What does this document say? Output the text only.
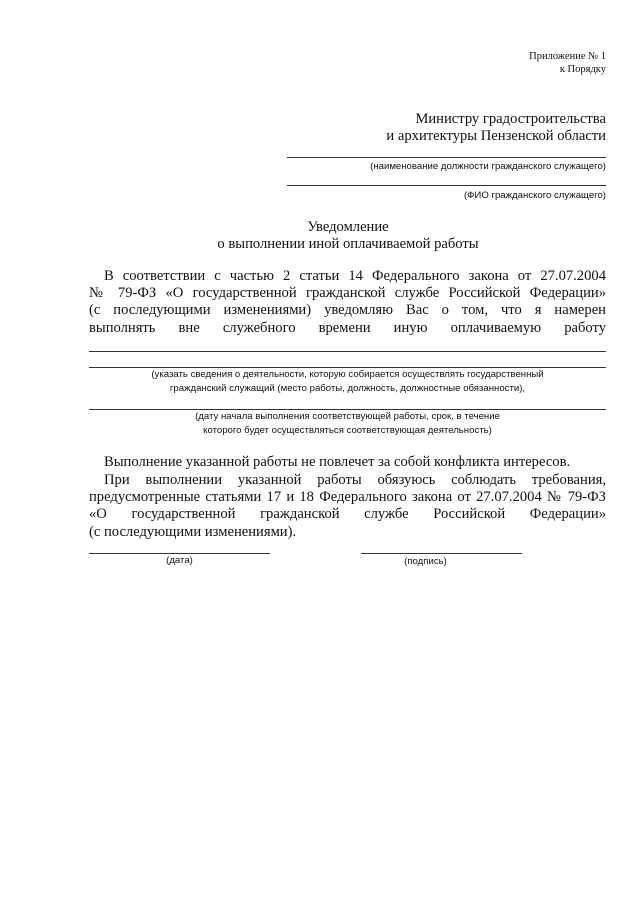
Приложение № 1
к Порядку
Министру градостроительства
и архитектуры Пензенской области
(наименование должности гражданского служащего)
(ФИО гражданского служащего)
Уведомление
о выполнении иной оплачиваемой работы
В соответствии с частью 2 статьи 14 Федерального закона от 27.07.2004
№ 79-ФЗ «О государственной гражданской службе Российской Федерации»
(с последующими изменениями) уведомляю Вас о том, что я намерен
выполнять вне служебного времени иную оплачиваемую работу
(указать сведения о деятельности, которую собирается осуществлять государственный
гражданский служащий (место работы, должность, должностные обязанности),
(дату начала выполнения соответствующей работы, срок, в течение
которого будет осуществляться соответствующая деятельность)
Выполнение указанной работы не повлечет за собой конфликта интересов.
При выполнении указанной работы обязуюсь соблюдать требования,
предусмотренные статьями 17 и 18 Федерального закона от 27.07.2004 № 79-ФЗ
«О государственной гражданской службе Российской Федерации»
(с последующими изменениями).
(дата)	(подпись)
